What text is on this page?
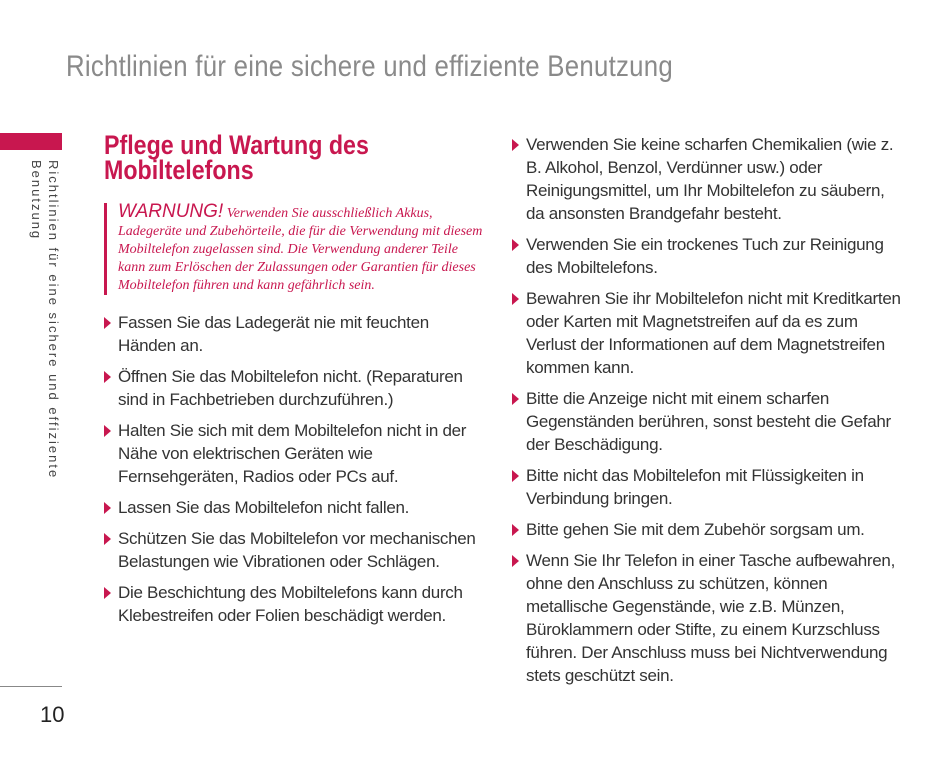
Richtlinien für eine sichere und effiziente Benutzung
Richtlinien für eine sichere und effiziente
Benutzung
10
Pflege und Wartung des
Mobiltelefons
WARNUNG! Verwenden Sie ausschließlich Akkus, Ladegeräte und Zubehörteile, die für die Verwendung mit diesem Mobiltelefon zugelassen sind. Die Verwendung anderer Teile kann zum Erlöschen der Zulassungen oder Garantien für dieses Mobiltelefon führen und kann gefährlich sein.
Fassen Sie das Ladegerät nie mit feuchten Händen an.
Öffnen Sie das Mobiltelefon nicht. (Reparaturen sind in Fachbetrieben durchzuführen.)
Halten Sie sich mit dem Mobiltelefon nicht in der Nähe von elektrischen Geräten wie Fernsehgeräten, Radios oder PCs auf.
Lassen Sie das Mobiltelefon nicht fallen.
Schützen Sie das Mobiltelefon vor mechanischen Belastungen wie Vibrationen oder Schlägen.
Die Beschichtung des Mobiltelefons kann durch Klebestreifen oder Folien beschädigt werden.
Verwenden Sie keine scharfen Chemikalien (wie z. B. Alkohol, Benzol, Verdünner usw.) oder Reinigungsmittel, um Ihr Mobiltelefon zu säubern, da ansonsten Brandgefahr besteht.
Verwenden Sie ein trockenes Tuch zur Reinigung des Mobiltelefons.
Bewahren Sie ihr Mobiltelefon nicht mit Kreditkarten oder Karten mit Magnetstreifen auf da es zum Verlust der Informationen auf dem Magnetstreifen kommen kann.
Bitte die Anzeige nicht mit einem scharfen Gegenständen berühren, sonst besteht die Gefahr der Beschädigung.
Bitte nicht das Mobiltelefon mit Flüssigkeiten in Verbindung bringen.
Bitte gehen Sie mit dem Zubehör sorgsam um.
Wenn Sie Ihr Telefon in einer Tasche aufbewahren, ohne den Anschluss zu schützen, können metallische Gegenstände, wie z.B. Münzen, Büroklammern oder Stifte, zu einem Kurzschluss führen. Der Anschluss muss bei Nichtverwendung stets geschützt sein.
